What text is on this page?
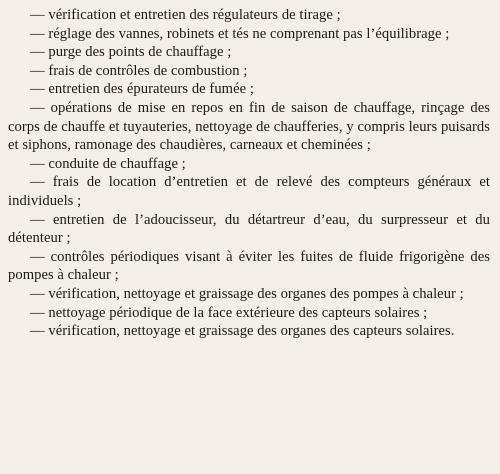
— vérification et entretien des régulateurs de tirage ;

— réglage des vannes, robinets et tés ne comprenant pas l’équilibrage ;

— purge des points de chauffage ;

— frais de contrôles de combustion ;

— entretien des épurateurs de fumée ;

— opérations de mise en repos en fin de saison de chauffage, rinçage des corps de chauffe et tuyauteries, nettoyage de chaufferies, y compris leurs puisards et siphons, ramonage des chaudières, carneaux et cheminées ;

— conduite de chauffage ;

— frais de location d’entretien et de relevé des compteurs généraux et individuels ;

— entretien de l’adoucisseur, du détartreur d’eau, du surpresseur et du détenteur ;

— contrôles périodiques visant à éviter les fuites de fluide frigorigène des pompes à chaleur ;

— vérification, nettoyage et graissage des organes des pompes à chaleur ;

— nettoyage périodique de la face extérieure des capteurs solaires ;

— vérification, nettoyage et graissage des organes des capteurs solaires.
